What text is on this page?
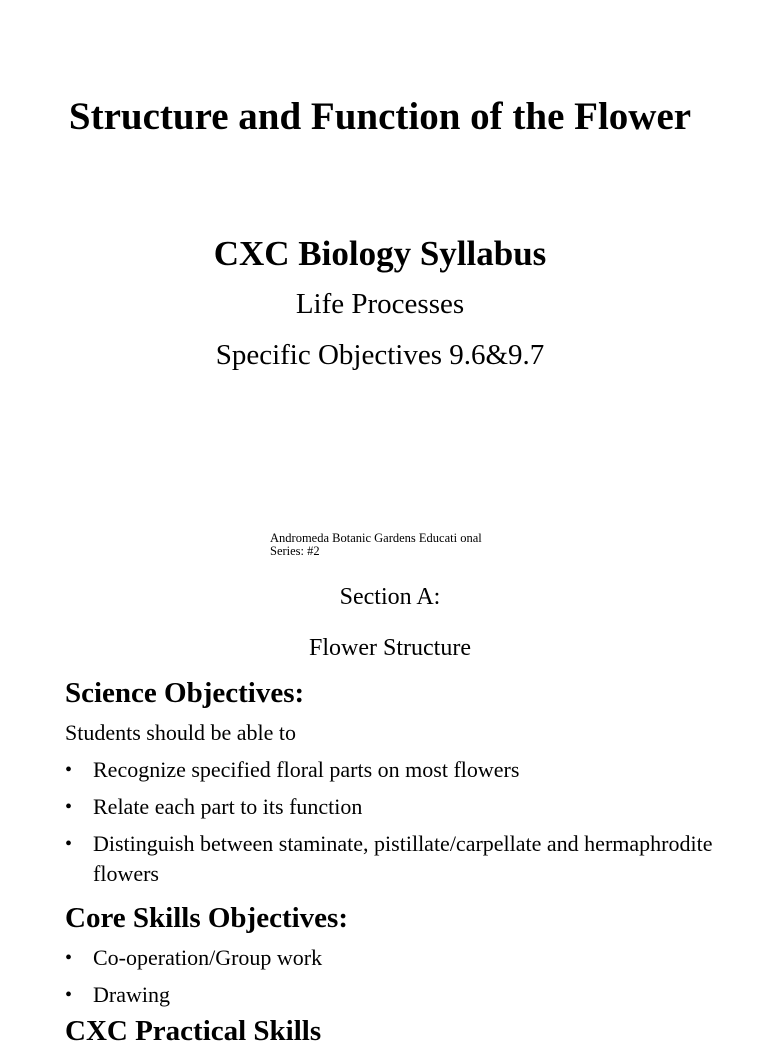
Structure and Function of the Flower
CXC Biology Syllabus

Life Processes

Specific Objectives 9.6&9.7

Andromeda Botanic Gardens Educati onal Series: #2

Section A:

Flower Structure

Science Objectives:

Students should be able to

• Recognize specified floral parts on most flowers
• Relate each part to its function
• Distinguish between staminate, pistillate/carpellate and hermaphrodite flowers
Core Skills Objectives:
• Co-operation/Group work
• Drawing
CXC Practical Skills
